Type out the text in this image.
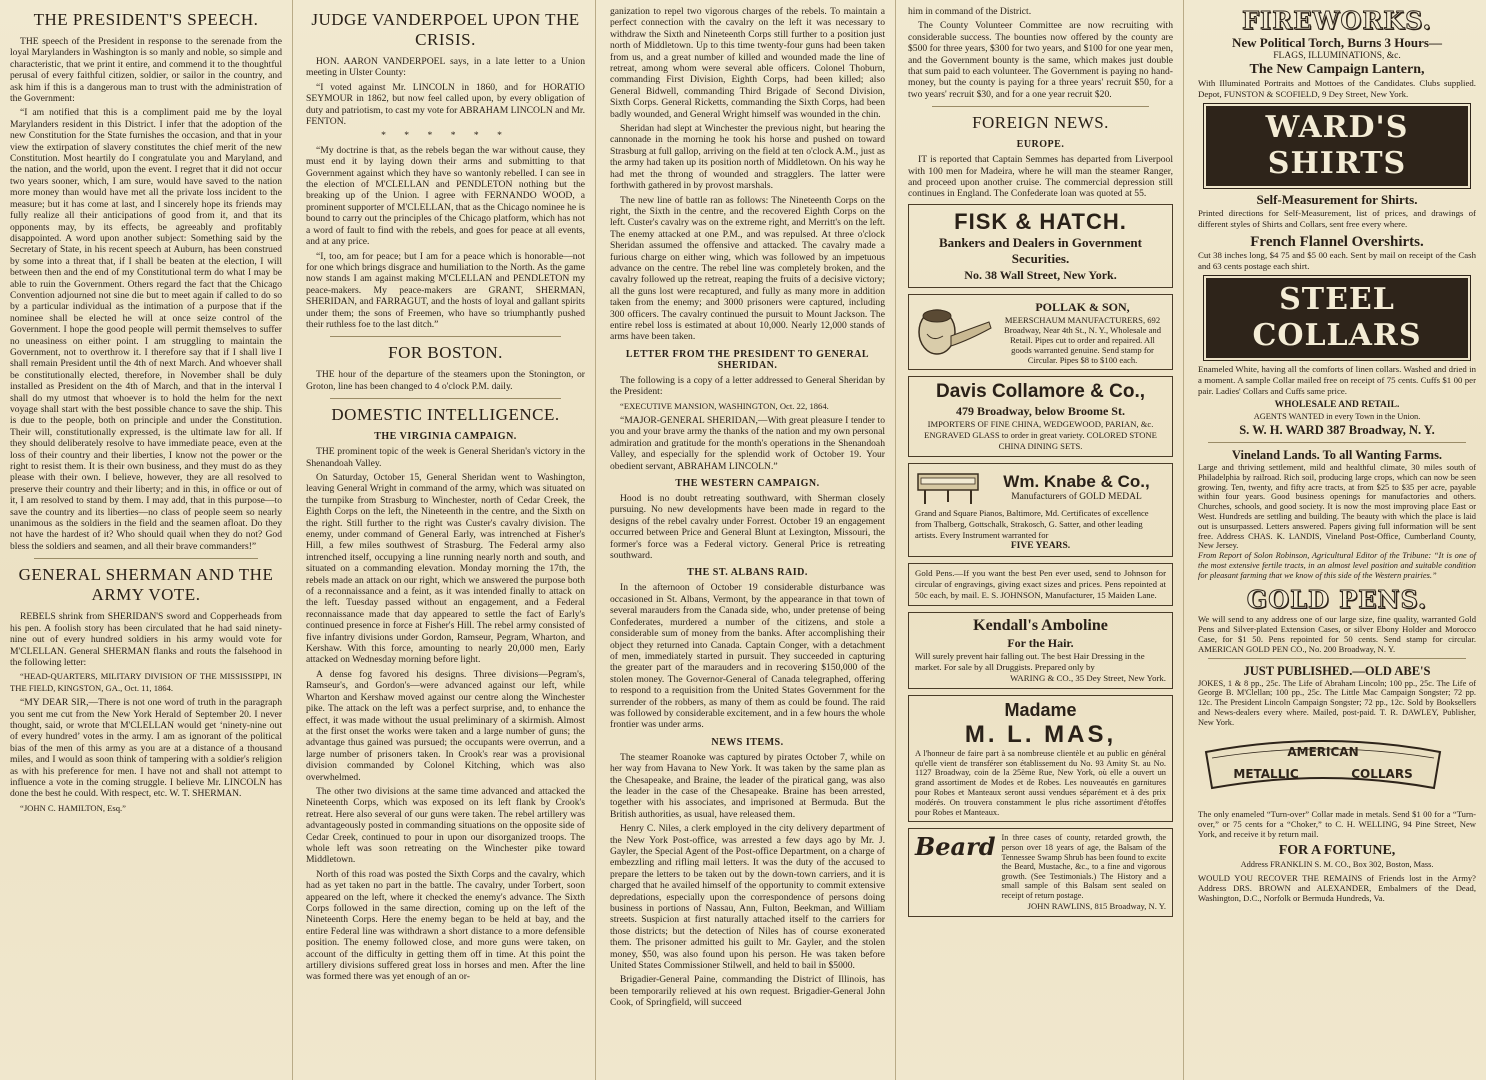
THE PRESIDENT'S SPEECH.

THE speech of the President in response to the serenade from the loyal Marylanders in Washington is so manly and noble, so simple and characteristic, that we print it entire, and commend it to the thoughtful perusal of every faithful citizen, soldier, or sailor in the country, and ask him if this is a dangerous man to trust with the administration of the Government:

“I am notified that this is a compliment paid me by the loyal Marylanders resident in this District. I infer that the adoption of the new Constitution for the State furnishes the occasion, and that in your view the extirpation of slavery constitutes the chief merit of the new Constitution. Most heartily do I congratulate you and Maryland, and the nation, and the world, upon the event. I regret that it did not occur two years sooner, which, I am sure, would have saved to the nation more money than would have met all the private loss incident to the measure; but it has come at last, and I sincerely hope its friends may fully realize all their anticipations of good from it, and that its opponents may, by its effects, be agreeably and profitably disappointed. A word upon another subject: Something said by the Secretary of State, in his recent speech at Auburn, has been construed by some into a threat that, if I shall be beaten at the election, I will between then and the end of my Constitutional term do what I may be able to ruin the Government. Others regard the fact that the Chicago Convention adjourned not sine die but to meet again if called to do so by a particular individual as the intimation of a purpose that if the nominee shall be elected he will at once seize control of the Government. I hope the good people will permit themselves to suffer no uneasiness on either point. I am struggling to maintain the Government, not to overthrow it. I therefore say that if I shall live I shall remain President until the 4th of next March. And whoever shall be constitutionally elected, therefore, in November shall be duly installed as President on the 4th of March, and that in the interval I shall do my utmost that whoever is to hold the helm for the next voyage shall start with the best possible chance to save the ship. This is due to the people, both on principle and under the Constitution. Their will, constitutionally expressed, is the ultimate law for all. If they should deliberately resolve to have immediate peace, even at the loss of their country and their liberties, I know not the power or the right to resist them. It is their own business, and they must do as they please with their own. I believe, however, they are all resolved to preserve their country and their liberty; and in this, in office or out of it, I am resolved to stand by them. I may add, that in this purpose—to save the country and its liberties—no class of people seem so nearly unanimous as the soldiers in the field and the seamen afloat. Do they not have the hardest of it? Who should quail when they do not? God bless the soldiers and seamen, and all their brave commanders!”

GENERAL SHERMAN AND THE ARMY VOTE.

REBELS shrink from SHERIDAN'S sword and Copperheads from his pen. A foolish story has been circulated that he had said ninety-nine out of every hundred soldiers in his army would vote for M'CLELLAN. General SHERMAN flanks and routs the falsehood in the following letter:

“HEAD-QUARTERS, MILITARY DIVISION OF THE MISSISSIPPI, IN THE FIELD, KINGSTON, GA., Oct. 11, 1864.

“MY DEAR SIR,—There is not one word of truth in the paragraph you sent me cut from the New York Herald of September 20. I never thought, said, or wrote that M'CLELLAN would get ‘ninety-nine out of every hundred’ votes in the army. I am as ignorant of the political bias of the men of this army as you are at a distance of a thousand miles, and I would as soon think of tampering with a soldier's religion as with his preference for men. I have not and shall not attempt to influence a vote in the coming struggle. I believe Mr. LINCOLN has done the best he could. With respect, etc. W. T. SHERMAN.

“JOHN C. HAMILTON, Esq.”

JUDGE VANDERPOEL UPON THE CRISIS.

HON. AARON VANDERPOEL says, in a late letter to a Union meeting in Ulster County:

“I voted against Mr. LINCOLN in 1860, and for HORATIO SEYMOUR in 1862, but now feel called upon, by every obligation of duty and patriotism, to cast my vote for ABRAHAM LINCOLN and Mr. FENTON.

* * * * * *

“My doctrine is that, as the rebels began the war without cause, they must end it by laying down their arms and submitting to that Government against which they have so wantonly rebelled. I can see in the election of M'CLELLAN and PENDLETON nothing but the breaking up of the Union. I agree with FERNANDO WOOD, a prominent supporter of M'CLELLAN, that as the Chicago nominee he is bound to carry out the principles of the Chicago platform, which has not a word of fault to find with the rebels, and goes for peace at all events, and at any price.

“I, too, am for peace; but I am for a peace which is honorable—not for one which brings disgrace and humiliation to the North. As the game now stands I am against making M'CLELLAN and PENDLETON my peace-makers. My peace-makers are GRANT, SHERMAN, SHERIDAN, and FARRAGUT, and the hosts of loyal and gallant spirits under them; the sons of Freemen, who have so triumphantly pushed their ruthless foe to the last ditch.”

FOR BOSTON.

THE hour of the departure of the steamers upon the Stonington, or Groton, line has been changed to 4 o'clock P.M. daily.

DOMESTIC INTELLIGENCE.
THE VIRGINIA CAMPAIGN.

THE prominent topic of the week is General Sheridan's victory in the Shenandoah Valley.

On Saturday, October 15, General Sheridan went to Washington, leaving General Wright in command of the army, which was situated on the turnpike from Strasburg to Winchester, north of Cedar Creek, the Eighth Corps on the left, the Nineteenth in the centre, and the Sixth on the right. Still further to the right was Custer's cavalry division. The enemy, under command of General Early, was intrenched at Fisher's Hill, a few miles southwest of Strasburg. The Federal army also intrenched itself, occupying a line running nearly north and south, and situated on a commanding elevation. Monday morning the 17th, the rebels made an attack on our right, which we answered the purpose both of a reconnaissance and a feint, as it was intended finally to attack on the left. Tuesday passed without an engagement, and a Federal reconnaissance made that day appeared to settle the fact of Early's continued presence in force at Fisher's Hill. The rebel army consisted of five infantry divisions under Gordon, Ramseur, Pegram, Wharton, and Kershaw. With this force, amounting to nearly 20,000 men, Early attacked on Wednesday morning before light.

A dense fog favored his designs. Three divisions—Pegram's, Ramseur's, and Gordon's—were advanced against our left, while Wharton and Kershaw moved against our centre along the Winchester pike. The attack on the left was a perfect surprise, and, to enhance the effect, it was made without the usual preliminary of a skirmish. Almost at the first onset the works were taken and a large number of guns; the advantage thus gained was pursued; the occupants were overrun, and a large number of prisoners taken. In Crook's rear was a provisional division commanded by Colonel Kitching, which was also overwhelmed.

The other two divisions at the same time advanced and attacked the Nineteenth Corps, which was exposed on its left flank by Crook's retreat. Here also several of our guns were taken. The rebel artillery was advantageously posted in commanding situations on the opposite side of Cedar Creek, continued to pour in upon our disorganized troops. The whole left was soon retreating on the Winchester pike toward Middletown.

North of this road was posted the Sixth Corps and the cavalry, which had as yet taken no part in the battle. The cavalry, under Torbert, soon appeared on the left, where it checked the enemy's advance. The Sixth Corps followed in the same direction, coming up on the left of the Nineteenth Corps. Here the enemy began to be held at bay, and the entire Federal line was withdrawn a short distance to a more defensible position. The enemy followed close, and more guns were taken, on account of the difficulty in getting them off in time. At this point the artillery divisions suffered great loss in horses and men. After the line was formed there was yet enough of an or-

ganization to repel two vigorous charges of the rebels. To maintain a perfect connection with the cavalry on the left it was necessary to withdraw the Sixth and Nineteenth Corps still further to a position just north of Middletown. Up to this time twenty-four guns had been taken from us, and a great number of killed and wounded made the line of retreat, among whom were several able officers. Colonel Thoburn, commanding First Division, Eighth Corps, had been killed; also General Bidwell, commanding Third Brigade of Second Division, Sixth Corps. General Ricketts, commanding the Sixth Corps, had been badly wounded, and General Wright himself was wounded in the chin.

Sheridan had slept at Winchester the previous night, but hearing the cannonade in the morning he took his horse and pushed on toward Strasburg at full gallop, arriving on the field at ten o'clock A.M., just as the army had taken up its position north of Middletown. On his way he had met the throng of wounded and stragglers. The latter were forthwith gathered in by provost marshals.

The new line of battle ran as follows: The Nineteenth Corps on the right, the Sixth in the centre, and the recovered Eighth Corps on the left. Custer's cavalry was on the extreme right, and Merritt's on the left. The enemy attacked at one P.M., and was repulsed. At three o'clock Sheridan assumed the offensive and attacked. The cavalry made a furious charge on either wing, which was followed by an impetuous advance on the centre. The rebel line was completely broken, and the cavalry followed up the retreat, reaping the fruits of a decisive victory; all the guns lost were recaptured, and fully as many more in addition taken from the enemy; and 3000 prisoners were captured, including 300 officers. The cavalry continued the pursuit to Mount Jackson. The entire rebel loss is estimated at about 10,000. Nearly 12,000 stands of arms have been taken.

LETTER FROM THE PRESIDENT TO GENERAL SHERIDAN.

The following is a copy of a letter addressed to General Sheridan by the President:

“EXECUTIVE MANSION, WASHINGTON, Oct. 22, 1864.

“MAJOR-GENERAL SHERIDAN,—With great pleasure I tender to you and your brave army the thanks of the nation and my own personal admiration and gratitude for the month's operations in the Shenandoah Valley, and especially for the splendid work of October 19. Your obedient servant, ABRAHAM LINCOLN.”

THE WESTERN CAMPAIGN.

Hood is no doubt retreating southward, with Sherman closely pursuing. No new developments have been made in regard to the designs of the rebel cavalry under Forrest. October 19 an engagement occurred between Price and General Blunt at Lexington, Missouri, the former's force was a Federal victory. General Price is retreating southward.

THE ST. ALBANS RAID.

In the afternoon of October 19 considerable disturbance was occasioned in St. Albans, Vermont, by the appearance in that town of several marauders from the Canada side, who, under pretense of being Confederates, murdered a number of the citizens, and stole a considerable sum of money from the banks. After accomplishing their object they returned into Canada. Captain Conger, with a detachment of men, immediately started in pursuit. They succeeded in capturing the greater part of the marauders and in recovering $150,000 of the stolen money. The Governor-General of Canada telegraphed, offering to respond to a requisition from the United States Government for the surrender of the robbers, as many of them as could be found. The raid was followed by considerable excitement, and in a few hours the whole frontier was under arms.

NEWS ITEMS.

The steamer Roanoke was captured by pirates October 7, while on her way from Havana to New York. It was taken by the same plan as the Chesapeake, and Braine, the leader of the piratical gang, was also the leader in the case of the Chesapeake. Braine has been arrested, together with his associates, and imprisoned at Bermuda. But the British authorities, as usual, have released them.

Henry C. Niles, a clerk employed in the city delivery department of the New York Post-office, was arrested a few days ago by Mr. J. Gayler, the Special Agent of the Post-office Department, on a charge of embezzling and rifling mail letters. It was the duty of the accused to prepare the letters to be taken out by the down-town carriers, and it is charged that he availed himself of the opportunity to commit extensive depredations, especially upon the correspondence of persons doing business in portions of Nassau, Ann, Fulton, Beekman, and William streets. Suspicion at first naturally attached itself to the carriers for those districts; but the detection of Niles has of course exonerated them. The prisoner admitted his guilt to Mr. Gayler, and the stolen money, $50, was also found upon his person. He was taken before United States Commissioner Stilwell, and held to bail in $5000.

Brigadier-General Paine, commanding the District of Illinois, has been temporarily relieved at his own request. Brigadier-General John Cook, of Springfield, will succeed

him in command of the District.

The County Volunteer Committee are now recruiting with considerable success. The bounties now offered by the county are $500 for three years, $300 for two years, and $100 for one year men, and the Government bounty is the same, which makes just double that sum paid to each volunteer. The Government is paying no hand-money, but the county is paying for a three years' recruit $50, for a two years' recruit $30, and for a one year recruit $20.

FOREIGN NEWS.
EUROPE.

IT is reported that Captain Semmes has departed from Liverpool with 100 men for Madeira, where he will man the steamer Ranger, and proceed upon another cruise. The commercial depression still continues in England. The Confederate loan was quoted at 55.

FISK & HATCH.
Bankers and Dealers in Government Securities.
No. 38 Wall Street, New York.
POLLAK & SON,
MEERSCHAUM MANUFACTURERS, 692 Broadway, Near 4th St., N. Y., Wholesale and Retail. Pipes cut to order and repaired. All goods warranted genuine. Send stamp for Circular. Pipes $8 to $100 each.
Davis Collamore & Co.,
479 Broadway, below Broome St.
IMPORTERS OF FINE CHINA, WEDGEWOOD, PARIAN, &c. ENGRAVED GLASS to order in great variety. COLORED STONE CHINA DINING SETS.
Wm. Knabe & Co.,
Manufacturers of GOLD MEDAL
Grand and Square Pianos, Baltimore, Md. Certificates of excellence from Thalberg, Gottschalk, Strakosch, G. Satter, and other leading artists. Every Instrument warranted for
FIVE YEARS.
Gold Pens.—If you want the best Pen ever used, send to Johnson for circular of engravings, giving exact sizes and prices. Pens repointed at 50c each, by mail. E. S. JOHNSON, Manufacturer, 15 Maiden Lane.
Kendall's Amboline
For the Hair.
Will surely prevent hair falling out. The best Hair Dressing in the market. For sale by all Druggists. Prepared only by
WARING & CO., 35 Dey Street, New York.
Madame
M. L. MAS,
A l'honneur de faire part à sa nombreuse clientèle et au public en général qu'elle vient de transférer son établissement du No. 93 Amity St. au No. 1127 Broadway, coin de la 25ème Rue, New York, où elle a ouvert un grand assortiment de Modes et de Robes. Les nouveautés en garnitures pour Robes et Manteaux seront aussi vendues séparément et à des prix modérés. On trouvera constamment le plus riche assortiment d'étoffes pour Robes et Manteaux.
Beard In three cases of county, retarded growth, the person over 18 years of age, the Balsam of the Tennessee Swamp Shrub has been found to excite the Beard, Mustache, &c., to a fine and vigorous growth. (See Testimonials.) The History and a small sample of this Balsam sent sealed on receipt of return postage.
JOHN RAWLINS, 815 Broadway, N. Y.
FIREWORKS.
New Political Torch, Burns 3 Hours—
FLAGS, ILLUMINATIONS, &c.
The New Campaign Lantern,
With Illuminated Portraits and Mottoes of the Candidates. Clubs supplied. Depot, FUNSTON & SCOFIELD, 9 Dey Street, New York.
WARD'S SHIRTS
Self-Measurement for Shirts.
Printed directions for Self-Measurement, list of prices, and drawings of different styles of Shirts and Collars, sent free every where.
French Flannel Overshirts.
Cut 38 inches long, $4 75 and $5 00 each. Sent by mail on receipt of the Cash and 63 cents postage each shirt.
STEEL COLLARS
Enameled White, having all the comforts of linen collars. Washed and dried in a moment. A sample Collar mailed free on receipt of 75 cents. Cuffs $1 00 per pair. Ladies' Collars and Cuffs same price.
WHOLESALE AND RETAIL.
AGENTS WANTED in every Town in the Union.
S. W. H. WARD 387 Broadway, N. Y.
Vineland Lands. To all Wanting Farms.
Large and thriving settlement, mild and healthful climate, 30 miles south of Philadelphia by railroad. Rich soil, producing large crops, which can now be seen growing. Ten, twenty, and fifty acre tracts, at from $25 to $35 per acre, payable within four years. Good business openings for manufactories and others. Churches, schools, and good society. It is now the most improving place East or West. Hundreds are settling and building. The beauty with which the place is laid out is unsurpassed. Letters answered. Papers giving full information will be sent free. Address CHAS. K. LANDIS, Vineland Post-Office, Cumberland County, New Jersey.
From Report of Solon Robinson, Agricultural Editor of the Tribune: “It is one of the most extensive fertile tracts, in an almost level position and suitable condition for pleasant farming that we know of this side of the Western prairies.”
GOLD PENS.
We will send to any address one of our large size, fine quality, warranted Gold Pens and Silver-plated Extension Cases, or silver Ebony Holder and Morocco Case, for $1 50. Pens repointed for 50 cents. Send stamp for circular. AMERICAN GOLD PEN CO., No. 200 Broadway, N. Y.
JUST PUBLISHED.—OLD ABE'S
JOKES, 1 & 8 pp., 25c. The Life of Abraham Lincoln; 100 pp., 25c. The Life of George B. M'Clellan; 100 pp., 25c. The Little Mac Campaign Songster; 72 pp. 12c. The President Lincoln Campaign Songster; 72 pp., 12c. Sold by Booksellers and News-dealers every where. Mailed, post-paid. T. R. DAWLEY, Publisher, New York.
AMERICAN
METALLIC	COLLARS
The only enameled “Turn-over” Collar made in metals. Send $1 00 for a “Turn-over,” or 75 cents for a “Choker,” to C. H. WELLING, 94 Pine Street, New York, and receive it by return mail.
FOR A FORTUNE,
Address FRANKLIN S. M. CO., Box 302, Boston, Mass.
WOULD YOU RECOVER THE REMAINS of Friends lost in the Army? Address DRS. BROWN and ALEXANDER, Embalmers of the Dead, Washington, D.C., Norfolk or Bermuda Hundreds, Va.
